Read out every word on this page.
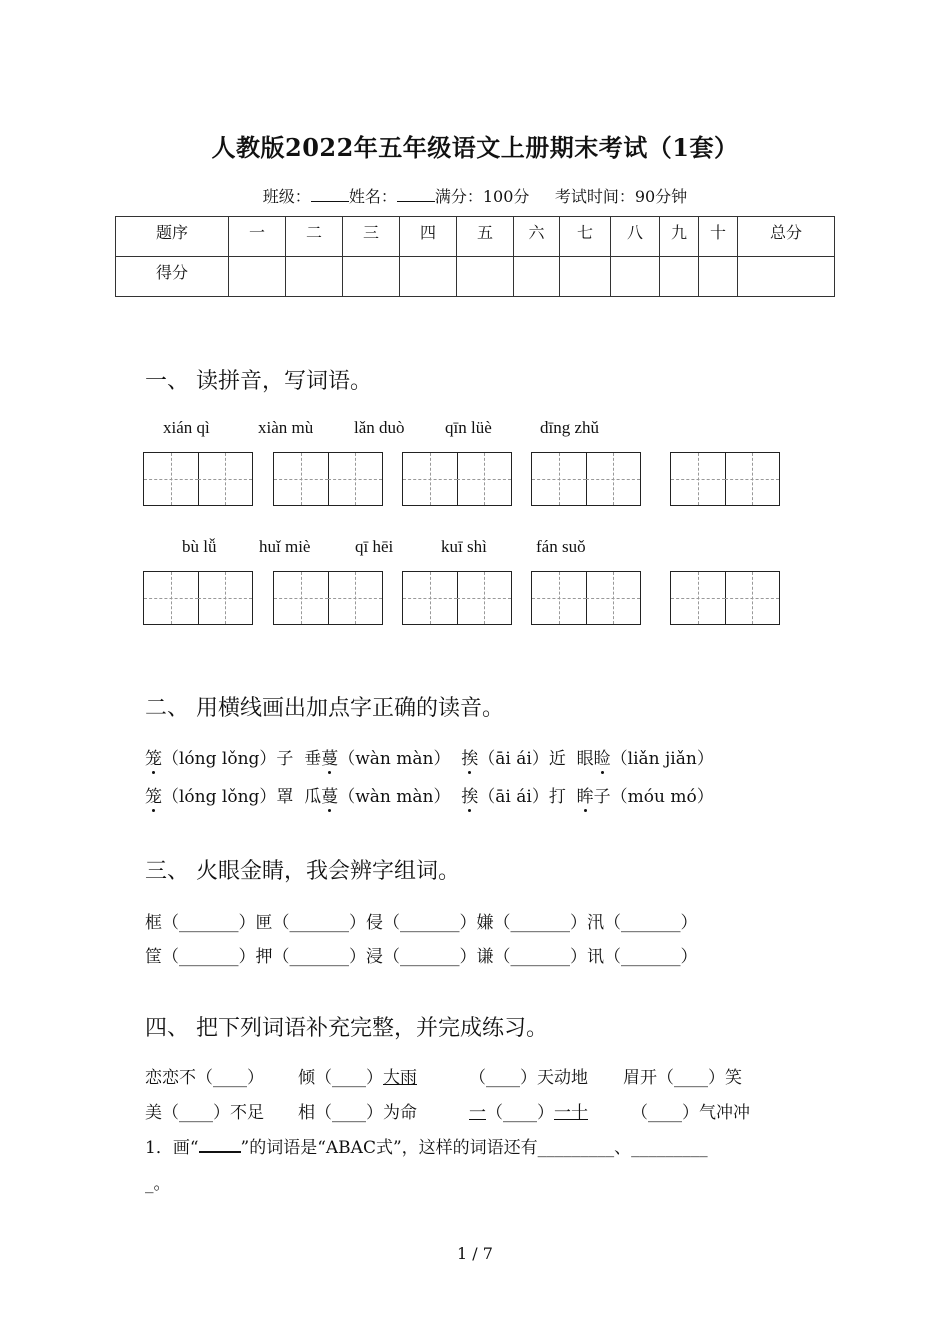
人教版2022年五年级语文上册期末考试（1套）
班级： 姓名： 满分：100分 考试时间：90分钟
题序	一	二	三	四	五	六	七	八	九	十	总分
得分											
一、 读拼音，写词语。
xián qì	xiàn mù lǎn duò qīn lüè	dīng zhǔ
bù lǚ	huǐ miè	qī hēi	kuī shì	fán suǒ
二、 用横线画出加点字正确的读音。
笼（lóng lǒng）子 垂蔓（wàn màn） 挨（āi ái）近 眼睑（liǎn jiǎn）
笼（lóng lǒng）罩 瓜蔓（wàn màn） 挨（āi ái）打 眸子（móu mó）
三、 火眼金睛，我会辨字组词。
框（_______）匣（_______）侵（_______）嫌（_______）汛（_______）
筐（_______）押（_______）浸（_______）谦（_______）讯（_______）
四、 把下列词语补充完整，并完成练习。
恋恋不（____） 倾（____）大雨	（____）天动地 眉开（____）笑
美（____）不足 相（____）为命	一（____）一十	（____）气冲冲
1．画“ ”的词语是“ABAC式”，这样的词语还有_________、_________
_。
1 / 7
